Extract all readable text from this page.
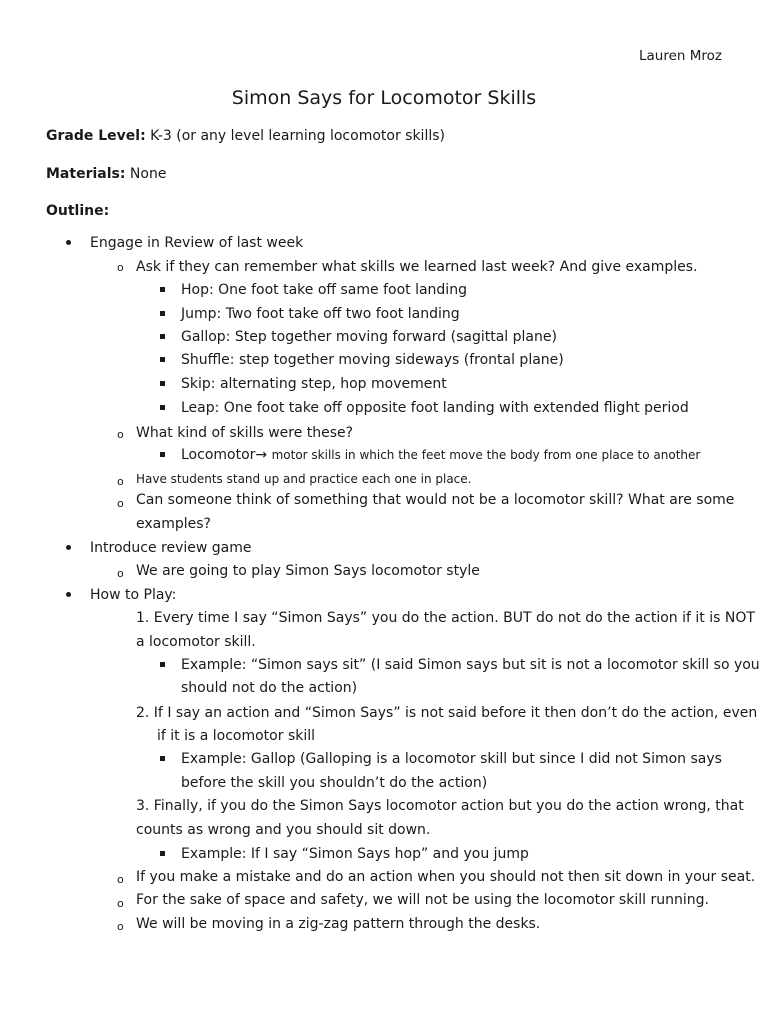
Lauren Mroz
Simon Says for Locomotor Skills
Grade Level: K-3 (or any level learning locomotor skills)
Materials: None
Outline:
Engage in Review of last week
o Ask if they can remember what skills we learned last week? And give examples.
Hop: One foot take off same foot landing
Jump: Two foot take off two foot landing
Gallop: Step together moving forward (sagittal plane)
Shuffle: step together moving sideways (frontal plane)
Skip: alternating step, hop movement
Leap: One foot take off opposite foot landing with extended flight period
o What kind of skills were these?
Locomotor→ motor skills in which the feet move the body from one place to another
o Have students stand up and practice each one in place.
o Can someone think of something that would not be a locomotor skill? What are some
examples?
Introduce review game
o We are going to play Simon Says locomotor style
How to Play:
1. Every time I say “Simon Says” you do the action. BUT do not do the action if it is NOT
a locomotor skill.
Example: “Simon says sit” (I said Simon says but sit is not a locomotor skill so you
should not do the action)
2. If I say an action and “Simon Says” is not said before it then don’t do the action, even
if it is a locomotor skill
Example: Gallop (Galloping is a locomotor skill but since I did not Simon says
before the skill you shouldn’t do the action)
3. Finally, if you do the Simon Says locomotor action but you do the action wrong, that
counts as wrong and you should sit down.
Example: If I say “Simon Says hop” and you jump
o If you make a mistake and do an action when you should not then sit down in your seat.
o For the sake of space and safety, we will not be using the locomotor skill running.
o We will be moving in a zig-zag pattern through the desks.
